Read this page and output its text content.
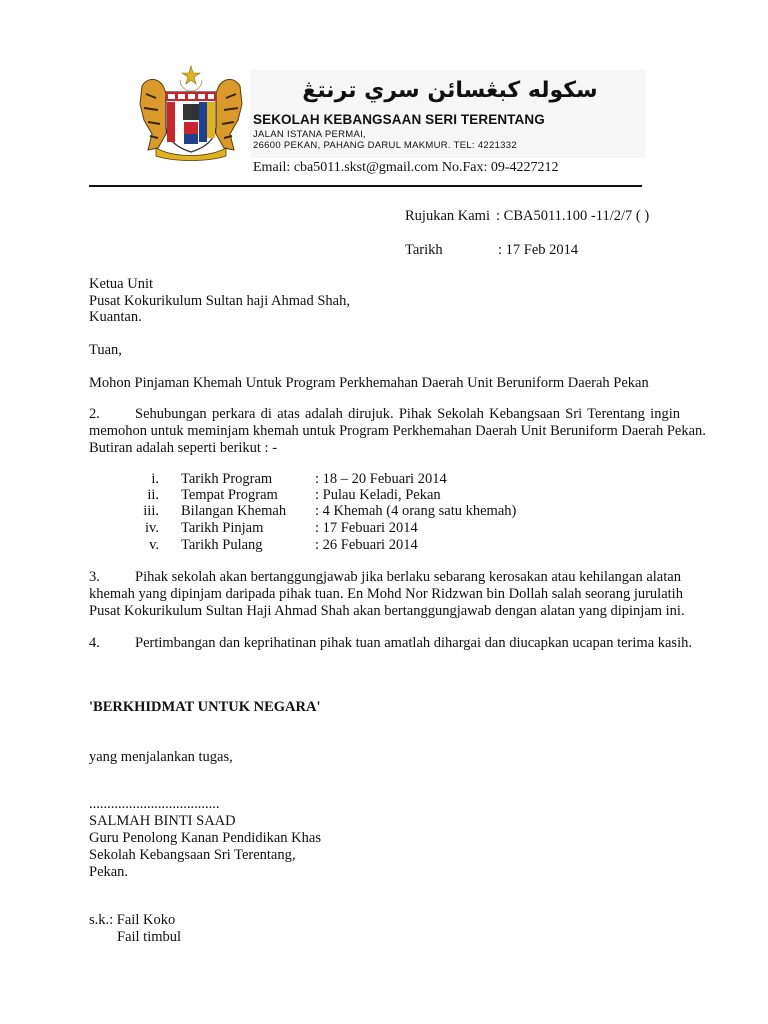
سکوله کبڠسائن سري ترنتڠ
SEKOLAH KEBANGSAAN SERI TERENTANG
JALAN ISTANA PERMAI,
26600 PEKAN, PAHANG DARUL MAKMUR. TEL: 4221332
Email: cba5011.skst@gmail.com No.Fax: 09-4227212
Rujukan Kami : CBA5011.100 -11/2/7 ( )
Tarikh	: 17 Feb 2014
Ketua Unit
Pusat Kokurikulum Sultan haji Ahmad Shah,
Kuantan.
Tuan,
Mohon Pinjaman Khemah Untuk Program Perkhemahan Daerah Unit Beruniform Daerah Pekan
2. Sehubungan perkara di atas adalah dirujuk. Pihak Sekolah Kebangsaan Sri Terentang ingin
memohon untuk meminjam khemah untuk Program Perkhemahan Daerah Unit Beruniform Daerah Pekan.
Butiran adalah seperti berikut : -
i. Tarikh Program	: 18 – 20 Febuari 2014
ii. Tempat Program	: Pulau Keladi, Pekan
iii. Bilangan Khemah : 4 Khemah (4 orang satu khemah)
iv. Tarikh Pinjam	: 17 Febuari 2014
v. Tarikh Pulang	: 26 Febuari 2014
3. Pihak sekolah akan bertanggungjawab jika berlaku sebarang kerosakan atau kehilangan alatan
khemah yang dipinjam daripada pihak tuan. En Mohd Nor Ridzwan bin Dollah salah seorang jurulatih
Pusat Kokurikulum Sultan Haji Ahmad Shah akan bertanggungjawab dengan alatan yang dipinjam ini.
4. Pertimbangan dan keprihatinan pihak tuan amatlah dihargai dan diucapkan ucapan terima kasih.
'BERKHIDMAT UNTUK NEGARA'
yang menjalankan tugas,
....................................
SALMAH BINTI SAAD
Guru Penolong Kanan Pendidikan Khas
Sekolah Kebangsaan Sri Terentang,
Pekan.
s.k.: Fail Koko
Fail timbul
